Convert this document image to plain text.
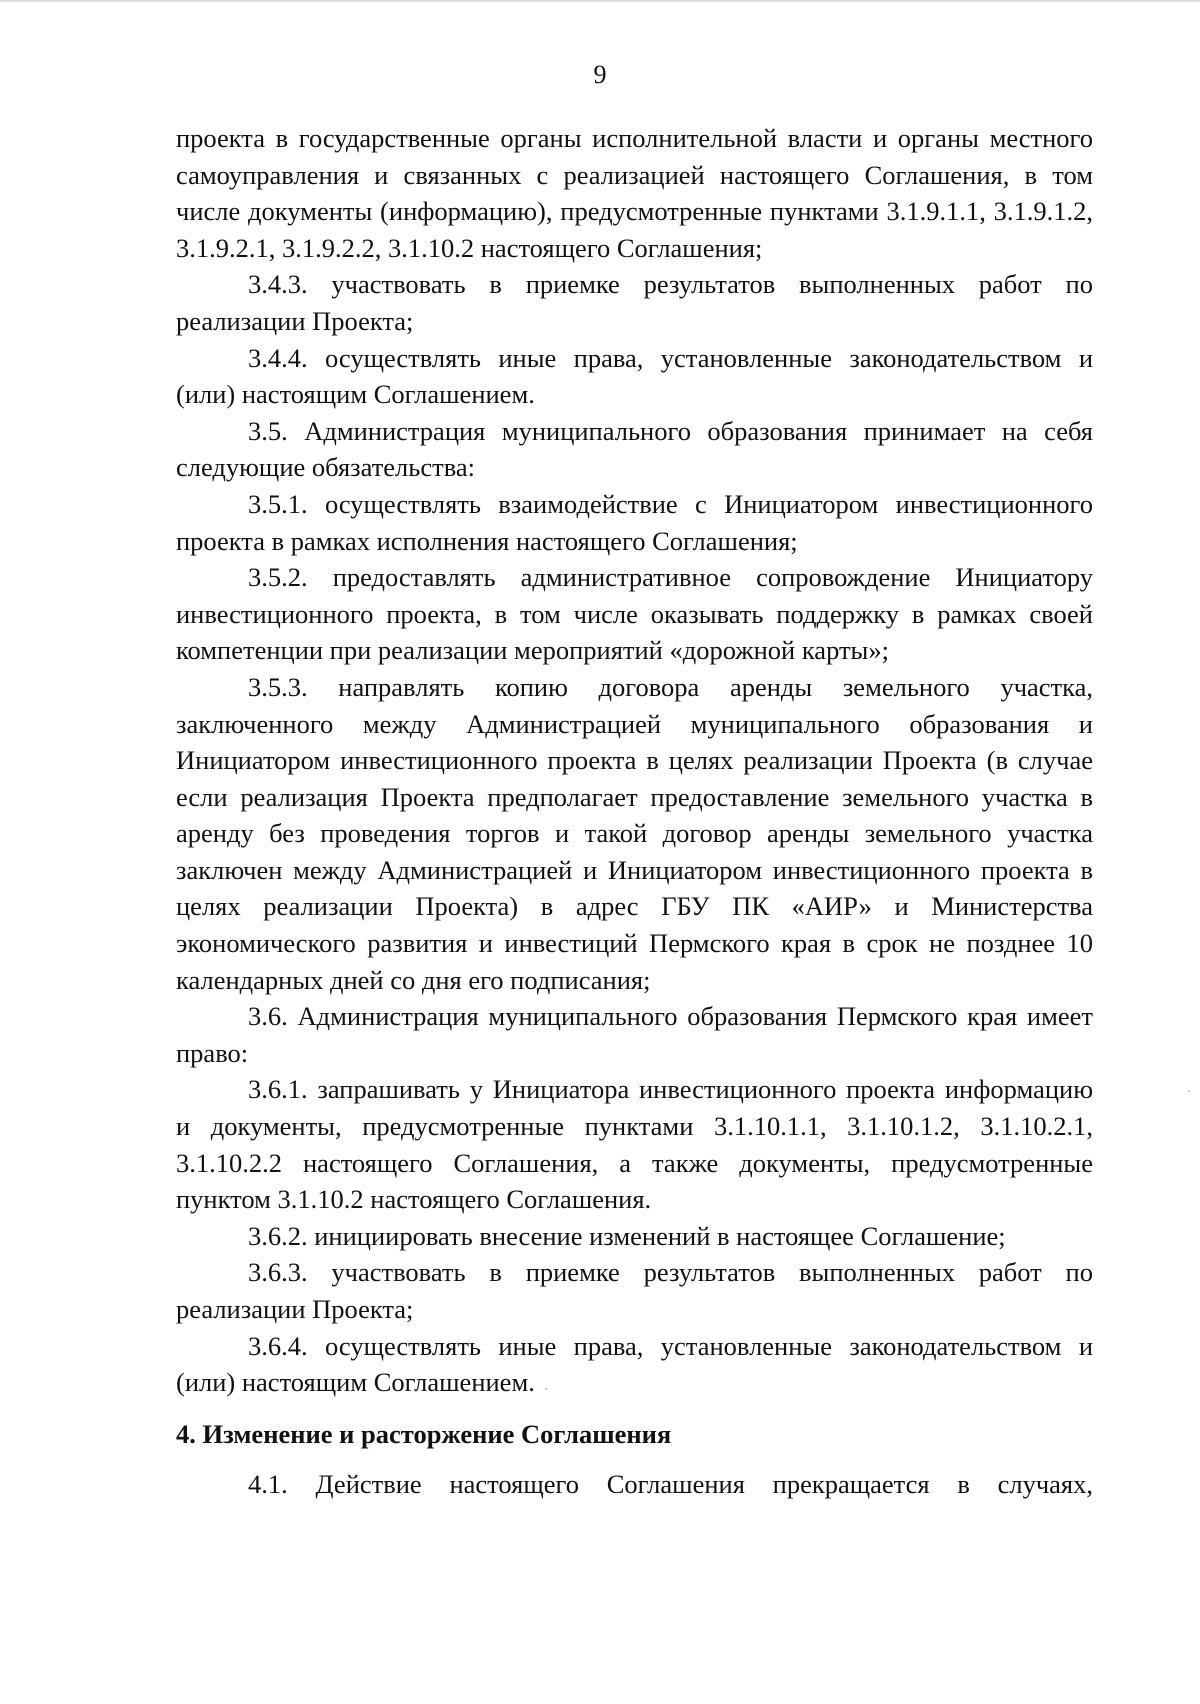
9

проекта в государственные органы исполнительной власти и органы местного самоуправления и связанных с реализацией настоящего Соглашения, в том числе документы (информацию), предусмотренные пунктами 3.1.9.1.1, 3.1.9.1.2, 3.1.9.2.1, 3.1.9.2.2, 3.1.10.2 настоящего Соглашения;

3.4.3. участвовать в приемке результатов выполненных работ по реализации Проекта;

3.4.4. осуществлять иные права, установленные законодательством и (или) настоящим Соглашением.

3.5. Администрация муниципального образования принимает на себя следующие обязательства:

3.5.1. осуществлять взаимодействие с Инициатором инвестиционного проекта в рамках исполнения настоящего Соглашения;

3.5.2. предоставлять административное сопровождение Инициатору инвестиционного проекта, в том числе оказывать поддержку в рамках своей компетенции при реализации мероприятий «дорожной карты»;

3.5.3. направлять копию договора аренды земельного участка, заключенного между Администрацией муниципального образования и Инициатором инвестиционного проекта в целях реализации Проекта (в случае если реализация Проекта предполагает предоставление земельного участка в аренду без проведения торгов и такой договор аренды земельного участка заключен между Администрацией и Инициатором инвестиционного проекта в целях реализации Проекта) в адрес ГБУ ПК «АИР» и Министерства экономического развития и инвестиций Пермского края в срок не позднее 10 календарных дней со дня его подписания;

3.6. Администрация муниципального образования Пермского края имеет право:

3.6.1. запрашивать у Инициатора инвестиционного проекта информацию и документы, предусмотренные пунктами 3.1.10.1.1, 3.1.10.1.2, 3.1.10.2.1, 3.1.10.2.2 настоящего Соглашения, а также документы, предусмотренные пунктом 3.1.10.2 настоящего Соглашения.

3.6.2. инициировать внесение изменений в настоящее Соглашение;

3.6.3. участвовать в приемке результатов выполненных работ по реализации Проекта;

3.6.4. осуществлять иные права, установленные законодательством и (или) настоящим Соглашением.

4. Изменение и расторжение Соглашения

4.1. Действие настоящего Соглашения прекращается в случаях,
